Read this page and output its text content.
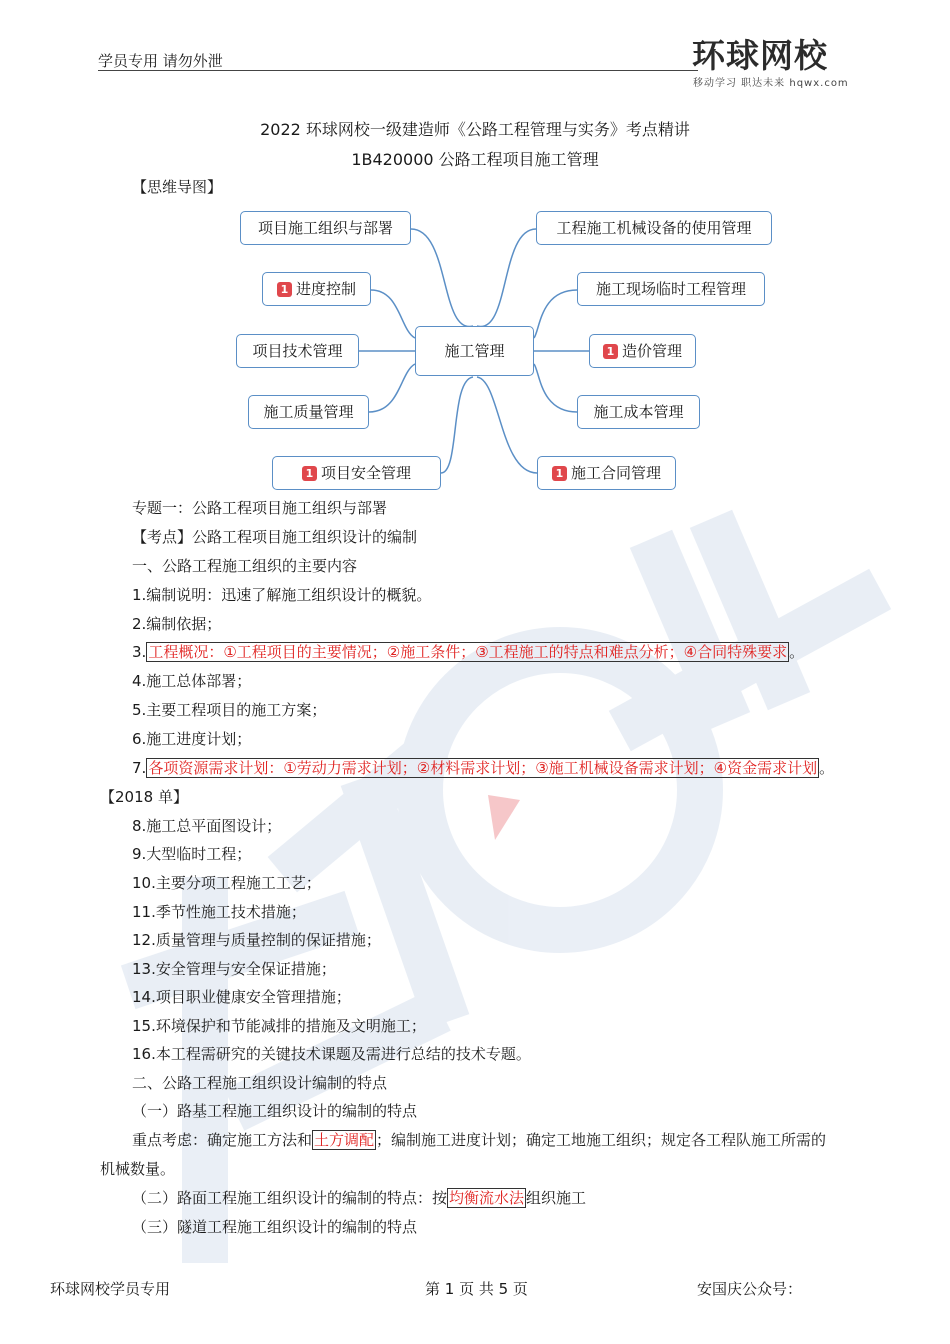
学员专用 请勿外泄	环球网校
移动学习 职达未来 hqwx.com
2022 环球网校一级建造师《公路工程管理与实务》考点精讲
1B420000 公路工程项目施工管理
【思维导图】
施工管理
项目施工组织与部署
1 进度控制
项目技术管理
施工质量管理
1 项目安全管理
工程施工机械设备的使用管理
施工现场临时工程管理
1 造价管理
施工成本管理
1 施工合同管理
专题一：公路工程项目施工组织与部署
【考点】公路工程项目施工组织设计的编制
一、公路工程施工组织的主要内容
1.编制说明：迅速了解施工组织设计的概貌。
2.编制依据；
3. 工程概况：①工程项目的主要情况；②施工条件；③工程施工的特点和难点分析；④合同特殊要求 。
4.施工总体部署；
5.主要工程项目的施工方案；
6.施工进度计划；
7. 各项资源需求计划：①劳动力需求计划；②材料需求计划；③施工机械设备需求计划；④资金需求计划 。
【2018 单】
8.施工总平面图设计；
9.大型临时工程；
10.主要分项工程施工工艺；
11.季节性施工技术措施；
12.质量管理与质量控制的保证措施；
13.安全管理与安全保证措施；
14.项目职业健康安全管理措施；
15.环境保护和节能减排的措施及文明施工；
16.本工程需研究的关键技术课题及需进行总结的技术专题。
二、公路工程施工组织设计编制的特点
（一）路基工程施工组织设计的编制的特点
重点考虑：确定施工方法和 土方调配 ；编制施工进度计划；确定工地施工组织；规定各工程队施工所需的
机械数量。
（二）路面工程施工组织设计的编制的特点：按 均衡流水法 组织施工
（三）隧道工程施工组织设计的编制的特点
环球网校学员专用	第 1 页 共 5 页	安国庆公众号：
